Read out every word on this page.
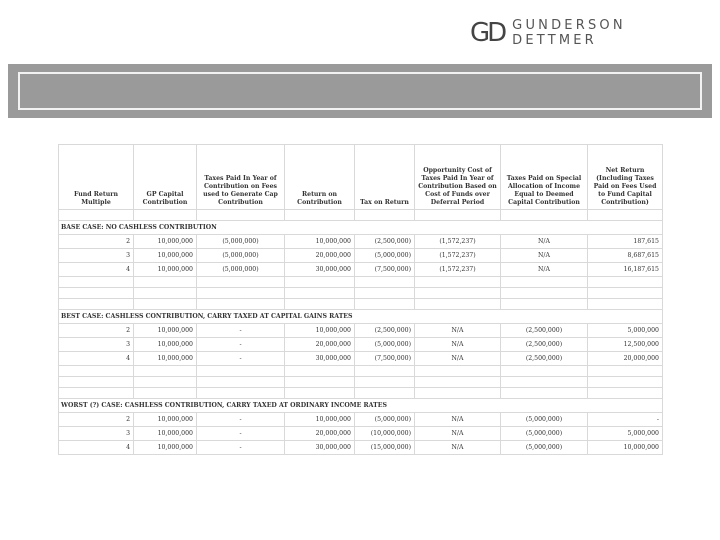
GD GUNDERSON DETTMER
Fund Return Multiple	GP Capital Contribution	Taxes Paid In Year of Contribution on Fees used to Generate Cap Contribution	Return on Contribution	Tax on Return	Opportunity Cost of Taxes Paid In Year of Contribution Based on Cost of Funds over Deferral Period	Taxes Paid on Special Allocation of Income Equal to Deemed Capital Contribution	Net Return (Including Taxes Paid on Fees Used to Fund Capital Contribution)

BASE CASE: NO CASHLESS CONTRIBUTION							
2	10,000,000	(5,000,000)	10,000,000	(2,500,000)	(1,572,237)	N/A	187,615
3	10,000,000	(5,000,000)	20,000,000	(5,000,000)	(1,572,237)	N/A	8,687,615
4	10,000,000	(5,000,000)	30,000,000	(7,500,000)	(1,572,237)	N/A	16,187,615

BEST CASE: CASHLESS CONTRIBUTION, CARRY TAXED AT CAPITAL GAINS RATES							
2	10,000,000	-	10,000,000	(2,500,000)	N/A	(2,500,000)	5,000,000
3	10,000,000	-	20,000,000	(5,000,000)	N/A	(2,500,000)	12,500,000
4	10,000,000	-	30,000,000	(7,500,000)	N/A	(2,500,000)	20,000,000

WORST (?) CASE: CASHLESS CONTRIBUTION, CARRY TAXED AT ORDINARY INCOME RATES							
2	10,000,000	-	10,000,000	(5,000,000)	N/A	(5,000,000)	-
3	10,000,000	-	20,000,000	(10,000,000)	N/A	(5,000,000)	5,000,000
4	10,000,000	-	30,000,000	(15,000,000)	N/A	(5,000,000)	10,000,000
